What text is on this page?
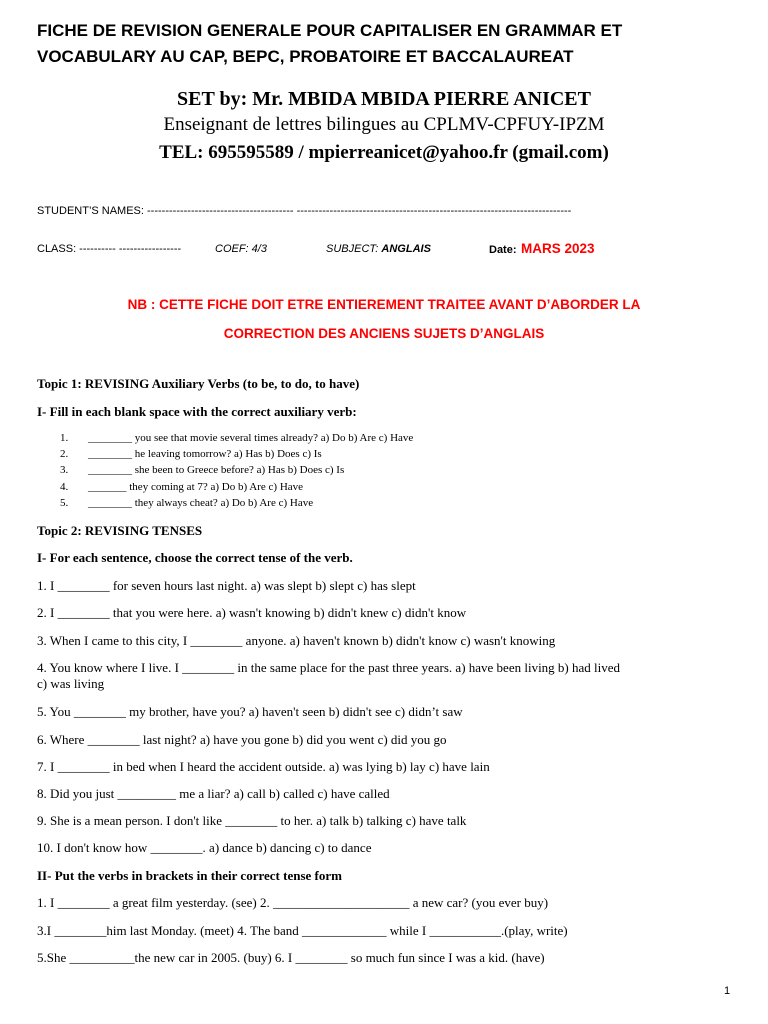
FICHE DE REVISION GENERALE POUR CAPITALISER EN GRAMMAR ET
VOCABULARY AU CAP, BEPC, PROBATOIRE ET BACCALAUREAT
SET by: Mr. MBIDA MBIDA PIERRE ANICET
Enseignant de lettres bilingues au CPLMV-CPFUY-IPZM
TEL: 695595589 / mpierreanicet@yahoo.fr (gmail.com)
STUDENT’S NAMES: ---------------------------------------- ---------------------------------------------------------------------------
CLASS: ---------- -----------------	COEF: 4/3	SUBJECT: ANGLAIS	Date: MARS 2023
NB : CETTE FICHE DOIT ETRE ENTIEREMENT TRAITEE AVANT D’ABORDER LA
CORRECTION DES ANCIENS SUJETS D’ANGLAIS
Topic 1: REVISING Auxiliary Verbs (to be, to do, to have)
I- Fill in each blank space with the correct auxiliary verb:
1. ________ you see that movie several times already? a) Do b) Are c) Have
2. ________ he leaving tomorrow? a) Has b) Does c) Is
3. ________ she been to Greece before? a) Has b) Does c) Is
4. _______ they coming at 7? a) Do b) Are c) Have
5. ________ they always cheat? a) Do b) Are c) Have
Topic 2: REVISING TENSES
I- For each sentence, choose the correct tense of the verb.
1. I ________ for seven hours last night. a) was slept b) slept c) has slept
2. I ________ that you were here. a) wasn't knowing b) didn't knew c) didn't know
3. When I came to this city, I ________ anyone. a) haven't known b) didn't know c) wasn't knowing
4. You know where I live. I ________ in the same place for the past three years. a) have been living b) had lived
c) was living
5. You ________ my brother, have you? a) haven't seen b) didn't see c) didn’t saw
6. Where ________ last night? a) have you gone b) did you went c) did you go
7. I ________ in bed when I heard the accident outside. a) was lying b) lay c) have lain
8. Did you just _________ me a liar? a) call b) called c) have called
9. She is a mean person. I don't like ________ to her. a) talk b) talking c) have talk
10. I don't know how ________. a) dance b) dancing c) to dance
II- Put the verbs in brackets in their correct tense form
1. I ________ a great film yesterday. (see) 2. _____________________ a new car? (you ever buy)
3.I ________him last Monday. (meet) 4. The band _____________ while I ___________.(play, write)
5.She __________the new car in 2005. (buy) 6. I ________ so much fun since I was a kid. (have)
1
